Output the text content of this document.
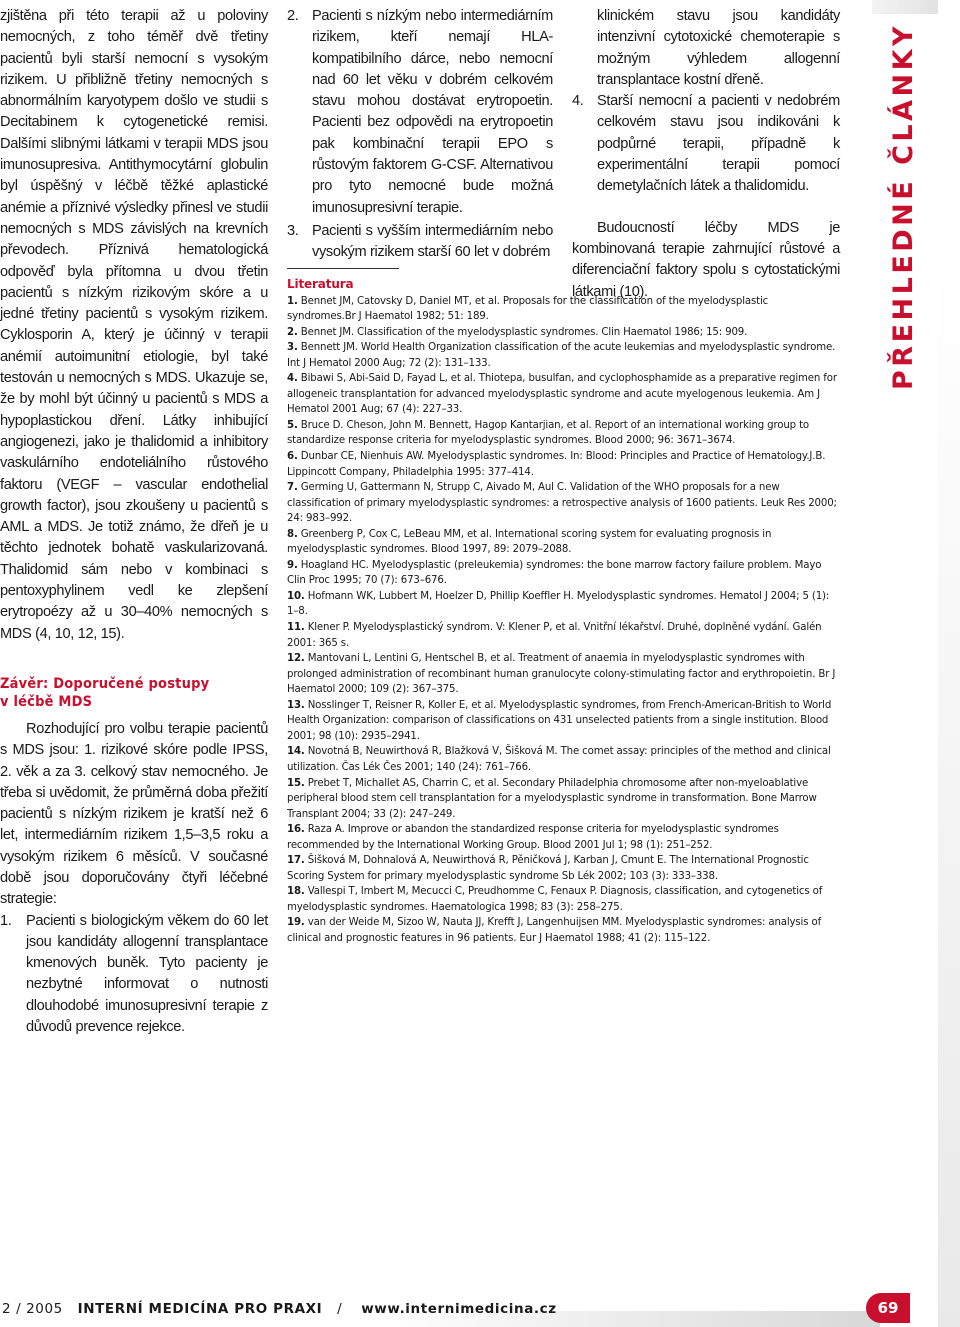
zjištěna při této terapii až u poloviny nemocných, z toho téměř dvě třetiny pacientů byli starší nemocní s vysokým rizikem. U přibližně třetiny nemocných s abnormálním karyotypem došlo ve studii s Decitabinem k cytogenetické remisi. Dalšími slibnými látkami v terapii MDS jsou imunosupresiva. Antithymocytární globulin byl úspěšný v léčbě těžké aplastické anémie a příznivé výsledky přinesl ve studii nemocných s MDS závislých na krevních převodech. Příznivá hematologická odpověď byla přítomna u dvou třetin pacientů s nízkým rizikovým skóre a u jedné třetiny pacientů s vysokým rizikem. Cyklosporin A, který je účinný v terapii anémií autoimunitní etiologie, byl také testován u nemocných s MDS. Ukazuje se, že by mohl být účinný u pacientů s MDS a hypoplastickou dření. Látky inhibující angiogenezi, jako je thalidomid a inhibitory vaskulárního endoteliálního růstového faktoru (VEGF – vascular endothelial growth factor), jsou zkoušeny u pacientů s AML a MDS. Je totiž známo, že dřeň je u těchto jednotek bohatě vaskularizovaná. Thalidomid sám nebo v kombinaci s pentoxyphylinem vedl ke zlepšení erytropoézy až u 30–40% nemocných s MDS (4, 10, 12, 15).

Závěr: Doporučené postupy
v léčbě MDS

Rozhodující pro volbu terapie pacientů s MDS jsou: 1. rizikové skóre podle IPSS, 2. věk a za 3. celkový stav nemocného. Je třeba si uvědomit, že průměrná doba přežití pacientů s nízkým rizikem je kratší než 6 let, intermediárním rizikem 1,5–3,5 roku a vysokým rizikem 6 měsíců. V současné době jsou doporučovány čtyři léčebné strategie:

1. Pacienti s biologickým věkem do 60 let jsou kandidáty allogenní transplantace kmenových buněk. Tyto pacienty je nezbytné informovat o nutnosti dlouhodobé imunosupresivní terapie z důvodů prevence rejekce.
2. Pacienti s nízkým nebo intermediárním rizikem, kteří nemají HLA-kompatibilního dárce, nebo nemocní nad 60 let věku v dobrém celkovém stavu mohou dostávat erytropoetin. Pacienti bez odpovědi na erytropoetin pak kombinační terapii EPO s růstovým faktorem G-CSF. Alternativou pro tyto nemocné bude možná imunosupresivní terapie.
3. Pacienti s vyšším intermediárním nebo vysokým rizikem starší 60 let v dobrém
klinickém stavu jsou kandidáty intenzivní cytotoxické chemoterapie s možným výhledem allogenní transplantace kostní dřeně.
4. Starší nemocní a pacienti v nedobrém celkovém stavu jsou indikováni k podpůrné terapii, případně k experimentální terapii pomocí demetylačních látek a thalidomidu.

Budoucností léčby MDS je kombinovaná terapie zahrnující růstové a diferenciační faktory spolu s cytostatickými látkami (10).

Literatura
1. Bennet JM, Catovsky D, Daniel MT, et al. Proposals for the classification of the myelodysplastic syndromes.Br J Haematol 1982; 51: 189.
2. Bennet JM. Classification of the myelodysplastic syndromes. Clin Haematol 1986; 15: 909.
3. Bennett JM. World Health Organization classification of the acute leukemias and myelodysplastic syndrome. Int J Hematol 2000 Aug; 72 (2): 131–133.
4. Bibawi S, Abi-Said D, Fayad L, et al. Thiotepa, busulfan, and cyclophosphamide as a preparative regimen for allogeneic transplantation for advanced myelodysplastic syndrome and acute myelogenous leukemia. Am J Hematol 2001 Aug; 67 (4): 227–33.
5. Bruce D. Cheson, John M. Bennett, Hagop Kantarjian, et al. Report of an international working group to standardize response criteria for myelodysplastic syndromes. Blood 2000; 96: 3671–3674.
6. Dunbar CE, Nienhuis AW. Myelodysplastic syndromes. In: Blood: Principles and Practice of Hematology.J.B. Lippincott Company, Philadelphia 1995: 377–414.
7. Germing U, Gattermann N, Strupp C, Aivado M, Aul C. Validation of the WHO proposals for a new classification of primary myelodysplastic syndromes: a retrospective analysis of 1600 patients. Leuk Res 2000; 24: 983–992.
8. Greenberg P, Cox C, LeBeau MM, et al. International scoring system for evaluating prognosis in myelodysplastic syndromes. Blood 1997, 89: 2079–2088.
9. Hoagland HC. Myelodysplastic (preleukemia) syndromes: the bone marrow factory failure problem. Mayo Clin Proc 1995; 70 (7): 673–676.
10. Hofmann WK, Lubbert M, Hoelzer D, Phillip Koeffler H. Myelodysplastic syndromes. Hematol J 2004; 5 (1): 1–8.
11. Klener P. Myelodysplastický syndrom. V: Klener P, et al. Vnitřní lékařství. Druhé, doplněné vydání. Galén 2001: 365 s.
12. Mantovani L, Lentini G, Hentschel B, et al. Treatment of anaemia in myelodysplastic syndromes with prolonged administration of recombinant human granulocyte colony-stimulating factor and erythropoietin. Br J Haematol 2000; 109 (2): 367–375.
13. Nosslinger T, Reisner R, Koller E, et al. Myelodysplastic syndromes, from French-American-British to World Health Organization: comparison of classifications on 431 unselected patients from a single institution. Blood 2001; 98 (10): 2935–2941.
14. Novotná B, Neuwirthová R, Blažková V, Šišková M. The comet assay: principles of the method and clinical utilization. Čas Lék Čes 2001; 140 (24): 761–766.
15. Prebet T, Michallet AS, Charrin C, et al. Secondary Philadelphia chromosome after non-myeloablative peripheral blood stem cell transplantation for a myelodysplastic syndrome in transformation. Bone Marrow Transplant 2004; 33 (2): 247–249.
16. Raza A. Improve or abandon the standardized response criteria for myelodysplastic syndromes recommended by the International Working Group. Blood 2001 Jul 1; 98 (1): 251–252.
17. Šišková M, Dohnalová A, Neuwirthová R, Pěničková J, Karban J, Cmunt E. The International Prognostic Scoring System for primary myelodysplastic syndrome Sb Lék 2002; 103 (3): 333–338.
18. Vallespi T, Imbert M, Mecucci C, Preudhomme C, Fenaux P. Diagnosis, classification, and cytogenetics of myelodysplastic syndromes. Haematologica 1998; 83 (3): 258–275.
19. van der Weide M, Sizoo W, Nauta JJ, Krefft J, Langenhuijsen MM. Myelodysplastic syndromes: analysis of clinical and prognostic features in 96 patients. Eur J Haematol 1988; 41 (2): 115–122.
PŘEHLEDNÉ ČLÁNKY
2 / 2005 INTERNÍ MEDICÍNA PRO PRAXI / www.internimedicina.cz	69
